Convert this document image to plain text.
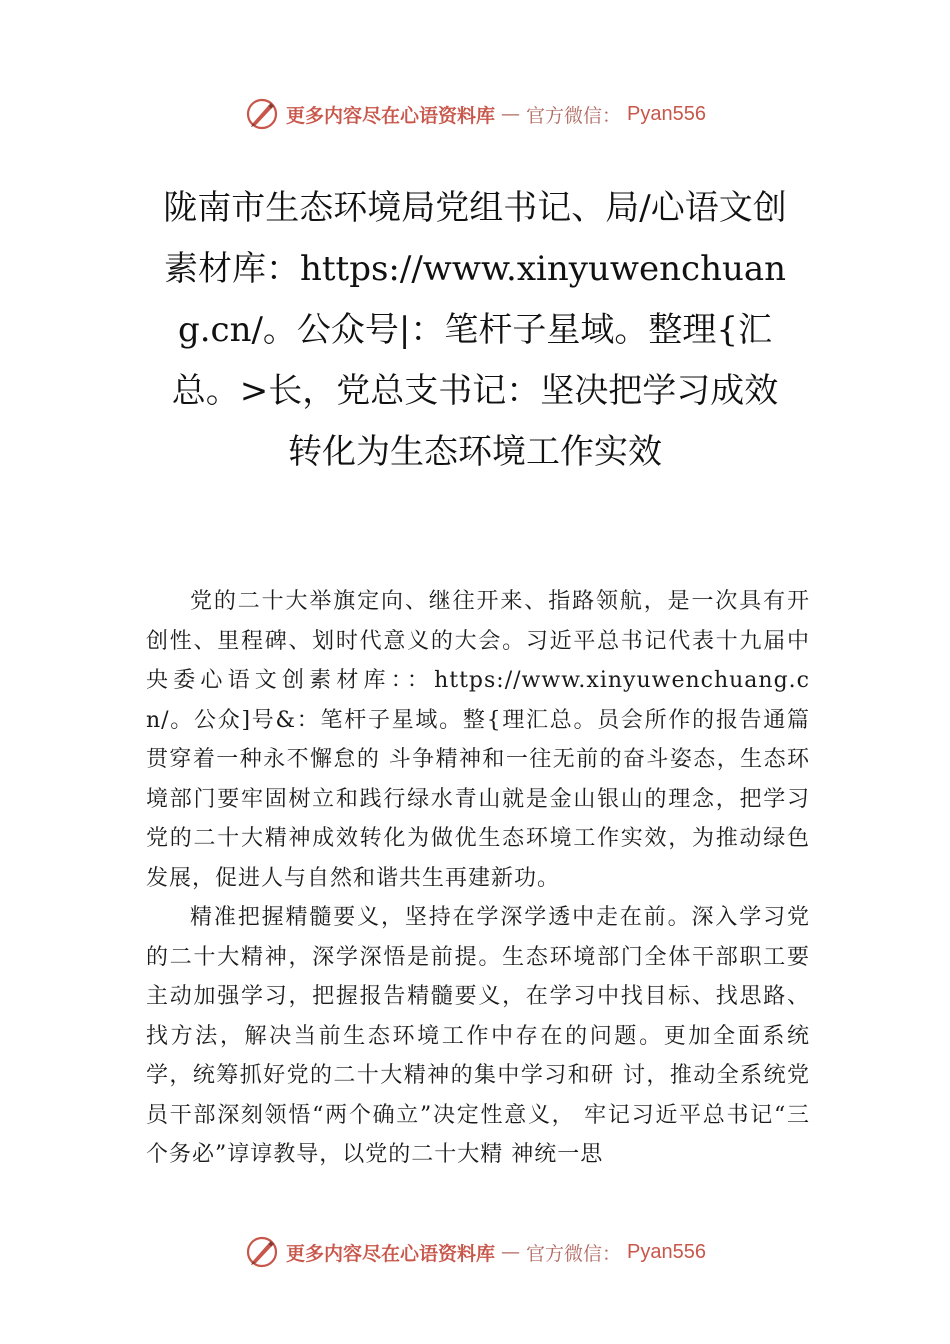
更多内容尽在心语资料库 — 官方微信： Pyan556
陇南市生态环境局党组书记、局/心语文创素材库：https://www.xinyuwenchuang.cn/。公众号|：笔杆子星域。整理{汇总。>长，党总支书记：坚决把学习成效转化为生态环境工作实效

党的二十大举旗定向、继往开来、指路领航，是一次具有开创性、里程碑、划时代意义的大会。习近平总书记代表十九届中央委心语文创素材库：：https://www.xinyuwenchuang.cn/。公众]号&：笔杆子星域。整{理汇总。员会所作的报告通篇贯穿着一种永不懈怠的 斗争精神和一往无前的奋斗姿态，生态环境部门要牢固树立和践行绿水青山就是金山银山的理念，把学习党的二十大精神成效转化为做优生态环境工作实效，为推动绿色发展，促进人与自然和谐共生再建新功。

精准把握精髓要义，坚持在学深学透中走在前。深入学习党的二十大精神，深学深悟是前提。生态环境部门全体干部职工要主动加强学习，把握报告精髓要义，在学习中找目标、找思路、找方法，解决当前生态环境工作中存在的问题。更加全面系统学，统筹抓好党的二十大精神的集中学习和研 讨，推动全系统党员干部深刻领悟“两个确立”决定性意义， 牢记习近平总书记“三个务必”谆谆教导，以党的二十大精 神统一思

更多内容尽在心语资料库 — 官方微信： Pyan556
